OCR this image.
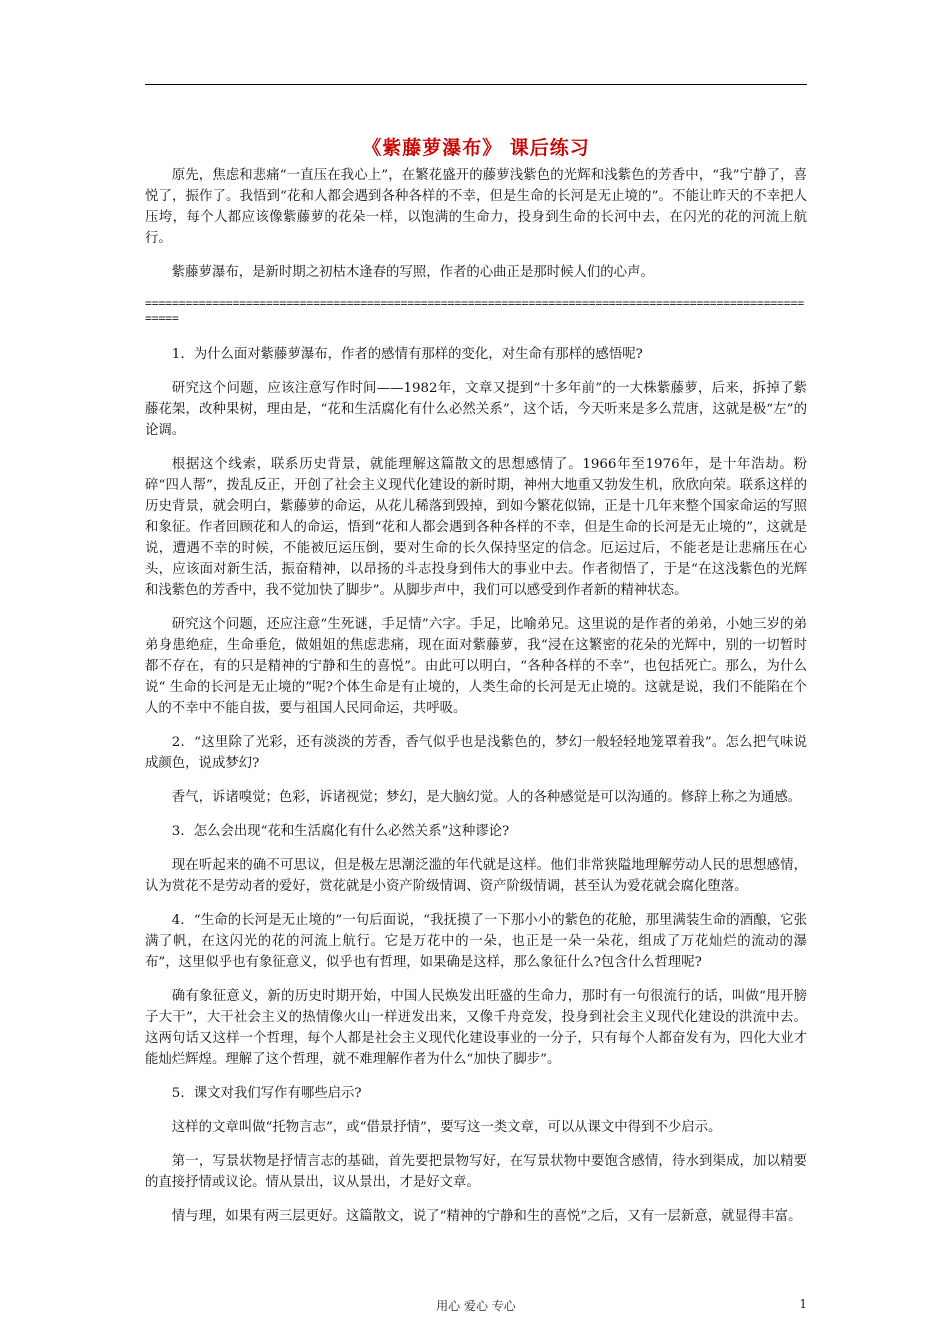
《紫藤萝瀑布》 课后练习

原先，焦虑和悲痛“一直压在我心上”，在繁花盛开的藤萝浅紫色的光辉和浅紫色的芳香中，“我”宁静了，喜悦了，振作了。我悟到“花和人都会遇到各种各样的不幸，但是生命的长河是无止境的”。不能让昨天的不幸把人压垮，每个人都应该像紫藤萝的花朵一样，以饱满的生命力，投身到生命的长河中去，在闪光的花的河流上航行。

紫藤萝瀑布，是新时期之初枯木逢春的写照，作者的心曲正是那时候人们的心声。

=======================================================================================================

1．为什么面对紫藤萝瀑布，作者的感情有那样的变化，对生命有那样的感悟呢?

研究这个问题，应该注意写作时间——1982年，文章又提到“十多年前”的一大株紫藤萝，后来，拆掉了紫藤花架，改种果树，理由是，“花和生活腐化有什么必然关系”，这个话，今天听来是多么荒唐，这就是极“左”的论调。

根据这个线索，联系历史背景，就能理解这篇散文的思想感情了。1966年至1976年，是十年浩劫。粉碎“四人帮”，拨乱反正，开创了社会主义现代化建设的新时期，神州大地重又勃发生机，欣欣向荣。联系这样的历史背景，就会明白，紫藤萝的命运，从花儿稀落到毁掉，到如今繁花似锦，正是十几年来整个国家命运的写照和象征。作者回顾花和人的命运，悟到“花和人都会遇到各种各样的不幸，但是生命的长河是无止境的”，这就是说，遭遇不幸的时候，不能被厄运压倒，要对生命的长久保持坚定的信念。厄运过后，不能老是让悲痛压在心头，应该面对新生活，振奋精神，以昂扬的斗志投身到伟大的事业中去。作者彻悟了，于是“在这浅紫色的光辉和浅紫色的芳香中，我不觉加快了脚步”。从脚步声中，我们可以感受到作者新的精神状态。

研究这个问题，还应注意“生死谜，手足情”六字。手足，比喻弟兄。这里说的是作者的弟弟，小她三岁的弟弟身患绝症，生命垂危，做姐姐的焦虑悲痛，现在面对紫藤萝，我“浸在这繁密的花朵的光辉中，别的一切暂时都不存在，有的只是精神的宁静和生的喜悦”。由此可以明白，“各种各样的不幸”，也包括死亡。那么，为什么说“ 生命的长河是无止境的”呢?个体生命是有止境的，人类生命的长河是无止境的。这就是说，我们不能陷在个人的不幸中不能自拔，要与祖国人民同命运，共呼吸。

2．“这里除了光彩，还有淡淡的芳香，香气似乎也是浅紫色的，梦幻一般轻轻地笼罩着我”。怎么把气味说成颜色，说成梦幻?

香气，诉诸嗅觉；色彩，诉诸视觉；梦幻，是大脑幻觉。人的各种感觉是可以沟通的。修辞上称之为通感。

3．怎么会出现“花和生活腐化有什么必然关系”这种谬论?

现在听起来的确不可思议，但是极左思潮泛滥的年代就是这样。他们非常狭隘地理解劳动人民的思想感情，认为赏花不是劳动者的爱好，赏花就是小资产阶级情调、资产阶级情调，甚至认为爱花就会腐化堕落。

4．“生命的长河是无止境的”一句后面说，“我抚摸了一下那小小的紫色的花舱，那里满装生命的酒酿，它张满了帆，在这闪光的花的河流上航行。它是万花中的一朵，也正是一朵一朵花，组成了万花灿烂的流动的瀑布”，这里似乎也有象征意义，似乎也有哲理，如果确是这样，那么象征什么?包含什么哲理呢?

确有象征意义，新的历史时期开始，中国人民焕发出旺盛的生命力，那时有一句很流行的话，叫做“甩开膀子大干”，大干社会主义的热情像火山一样迸发出来，又像千舟竞发，投身到社会主义现代化建设的洪流中去。这两句话又这样一个哲理，每个人都是社会主义现代化建设事业的一分子，只有每个人都奋发有为，四化大业才能灿烂辉煌。理解了这个哲理，就不难理解作者为什么“加快了脚步”。

5．课文对我们写作有哪些启示?

这样的文章叫做“托物言志”，或“借景抒情”，要写这一类文章，可以从课文中得到不少启示。

第一，写景状物是抒情言志的基础，首先要把景物写好，在写景状物中要饱含感情，待水到渠成，加以精要的直接抒情或议论。情从景出，议从景出，才是好文章。

情与理，如果有两三层更好。这篇散文，说了“精神的宁静和生的喜悦”之后，又有一层新意，就显得丰富。

用心 爱心 专心	1
